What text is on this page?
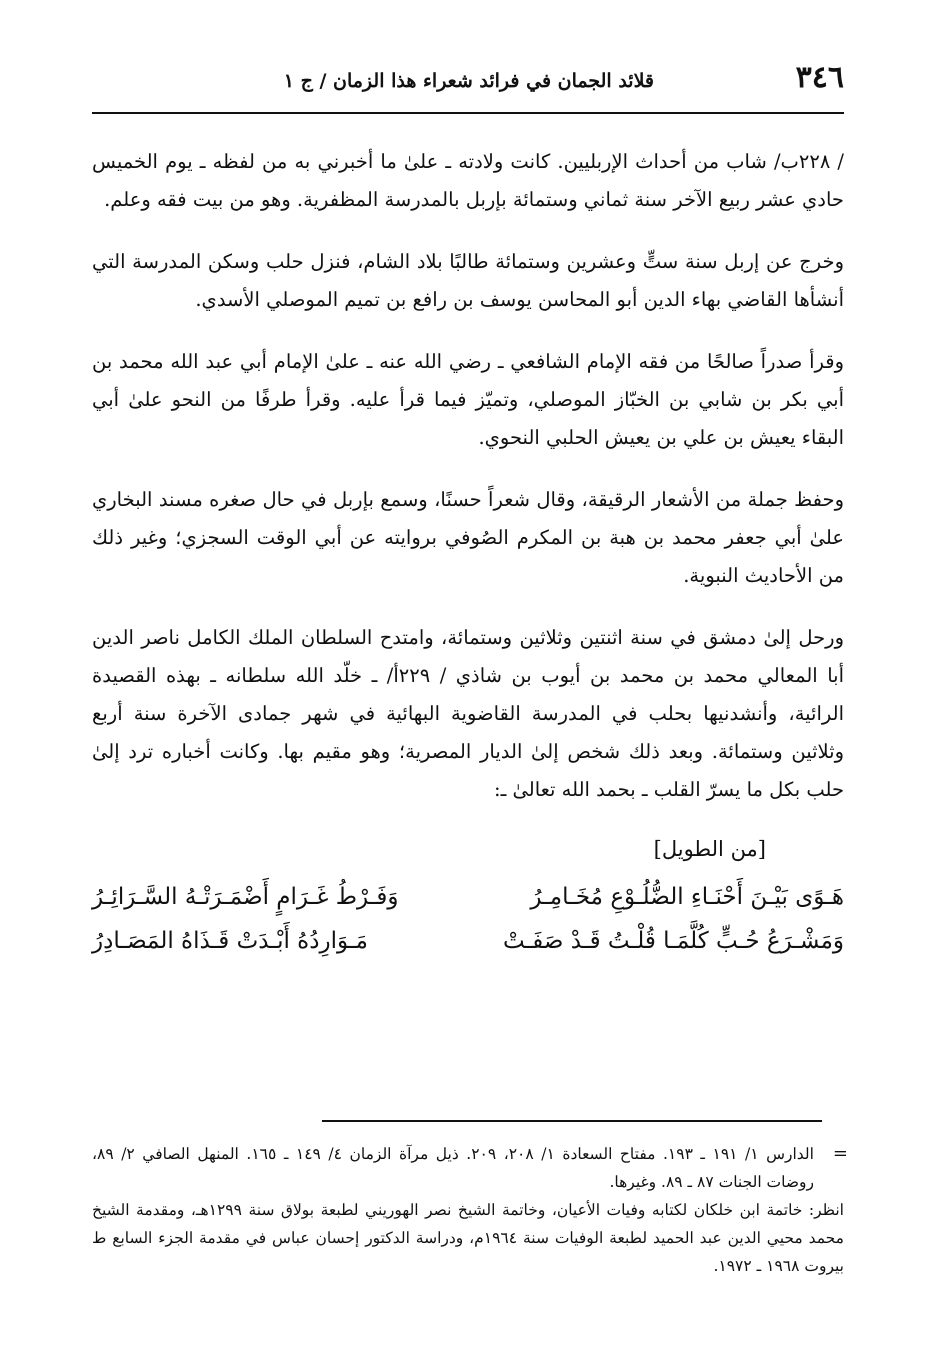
٣٤٦
قلائد الجمان في فرائد شعراء هذا الزمان / ج ١

/ ٢٢٨ب/ شاب من أحداث الإربليين. كانت ولادته ـ علىٰ ما أخبرني به من لفظه ـ يوم الخميس حادي عشر ربيع الآخر سنة ثماني وستمائة بإربل بالمدرسة المظفرية. وهو من بيت فقه وعلم.

وخرج عن إربل سنة ستٍّ وعشرين وستمائة طالبًا بلاد الشام، فنزل حلب وسكن المدرسة التي أنشأها القاضي بهاء الدين أبو المحاسن يوسف بن رافع بن تميم الموصلي الأسدي.

وقرأ صدراً صالحًا من فقه الإمام الشافعي ـ رضي الله عنه ـ علىٰ الإمام أبي عبد الله محمد بن أبي بكر بن شابي بن الخبّاز الموصلي، وتميّز فيما قرأ عليه. وقرأ طرفًا من النحو علىٰ أبي البقاء يعيش بن علي بن يعيش الحلبي النحوي.

وحفظ جملة من الأشعار الرقيقة، وقال شعراً حسنًا، وسمع بإربل في حال صغره مسند البخاري علىٰ أبي جعفر محمد بن هبة بن المكرم الصُوفي بروايته عن أبي الوقت السجزي؛ وغير ذلك من الأحاديث النبوية.

ورحل إلىٰ دمشق في سنة اثنتين وثلاثين وستمائة، وامتدح السلطان الملك الكامل ناصر الدين أبا المعالي محمد بن محمد بن أيوب بن شاذي / ٢٢٩أ/ ـ خلّد الله سلطانه ـ بهذه القصيدة الرائية، وأنشدنيها بحلب في المدرسة القاضوية البهائية في شهر جمادى الآخرة سنة أربع وثلاثين وستمائة. وبعد ذلك شخص إلىٰ الديار المصرية؛ وهو مقيم بها. وكانت أخباره ترد إلىٰ حلب بكل ما يسرّ القلب ـ بحمد الله تعالىٰ ـ:

[من الطويل]
هَـوًى بَيْـنَ أَحْنَـاءِ الضُّلُـوْعِ مُخَـامِـرُ
وَفَـرْطُ غَـرَامٍ أَضْمَـرَتْـهُ السَّـرَائِـرُ
وَمَشْـرَعُ حُـبٍّ كُلَّمَـا قُلْـتُ قَـدْ صَفَـتْ
مَـوَارِدُهُ أَبْـدَتْ قَـذَاهُ المَصَـادِرُ
=

الدارس ١/ ١٩١ ـ ١٩٣. مفتاح السعادة ١/ ٢٠٨، ٢٠٩. ذيل مرآة الزمان ٤/ ١٤٩ ـ ١٦٥. المنهل الصافي ٢/ ٨٩، روضات الجنات ٨٧ ـ ٨٩. وغيرها.

انظر: خاتمة ابن خلكان لكتابه وفيات الأعيان، وخاتمة الشيخ نصر الهوريني لطبعة بولاق سنة ١٢٩٩هـ، ومقدمة الشيخ محمد محيي الدين عبد الحميد لطبعة الوفيات سنة ١٩٦٤م، ودراسة الدكتور إحسان عباس في مقدمة الجزء السابع ط بيروت ١٩٦٨ ـ ١٩٧٢.
